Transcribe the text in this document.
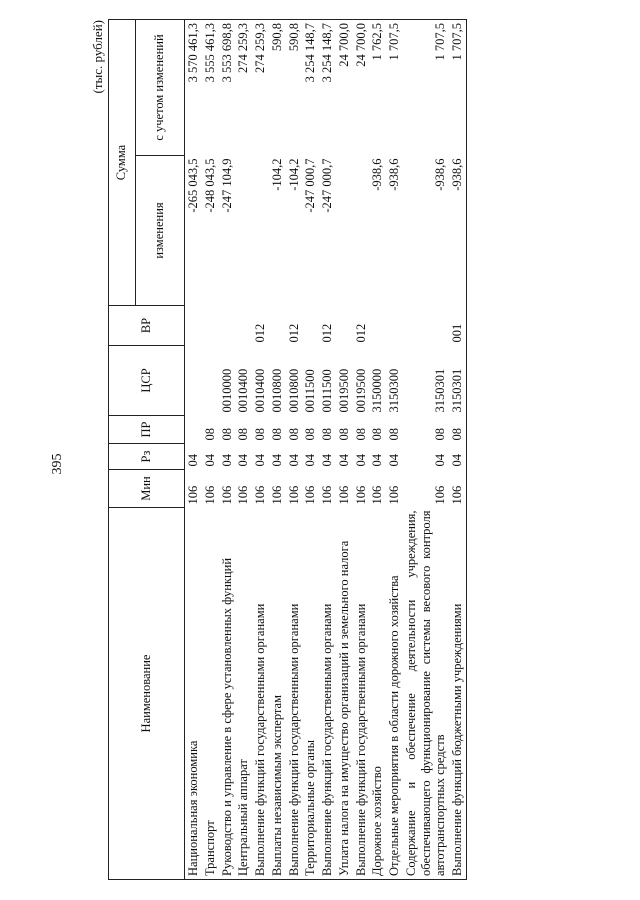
395
(тыс. рублей)
Наименование	Мин	Рз	ПР	ЦСР	ВР	Сумма	
						изменения	с учетом изменений
Национальная экономика	106	04				-265 043,5	3 570 461,3
Транспорт	106	04	08			-248 043,5	3 555 461,3
Руководство и управление в сфере установленных функций	106	04	08	0010000		-247 104,9	3 553 698,8
Центральный аппарат	106	04	08	0010400			274 259,3
Выполнение функций государственными органами	106	04	08	0010400	012		274 259,3
Выплаты независимым экспертам	106	04	08	0010800		-104,2	590,8
Выполнение функций государственными органами	106	04	08	0010800	012	-104,2	590,8
Территориальные органы	106	04	08	0011500		-247 000,7	3 254 148,7
Выполнение функций государственными органами	106	04	08	0011500	012	-247 000,7	3 254 148,7
Уплата налога на имущество организаций и земельного налога	106	04	08	0019500			24 700,0
Выполнение функций государственными органами	106	04	08	0019500	012		24 700,0
Дорожное хозяйство	106	04	08	3150000		-938,6	1 762,5
Отдельные мероприятия в области дорожного хозяйства	106	04	08	3150300		-938,6	1 707,5
Содержание и обеспечение деятельности учреждения, обеспечивающего функционирование системы весового контроля автотранспортных средств	106	04	08	3150301		-938,6	1 707,5
Выполнение функций бюджетными учреждениями	106	04	08	3150301	001	-938,6	1 707,5
